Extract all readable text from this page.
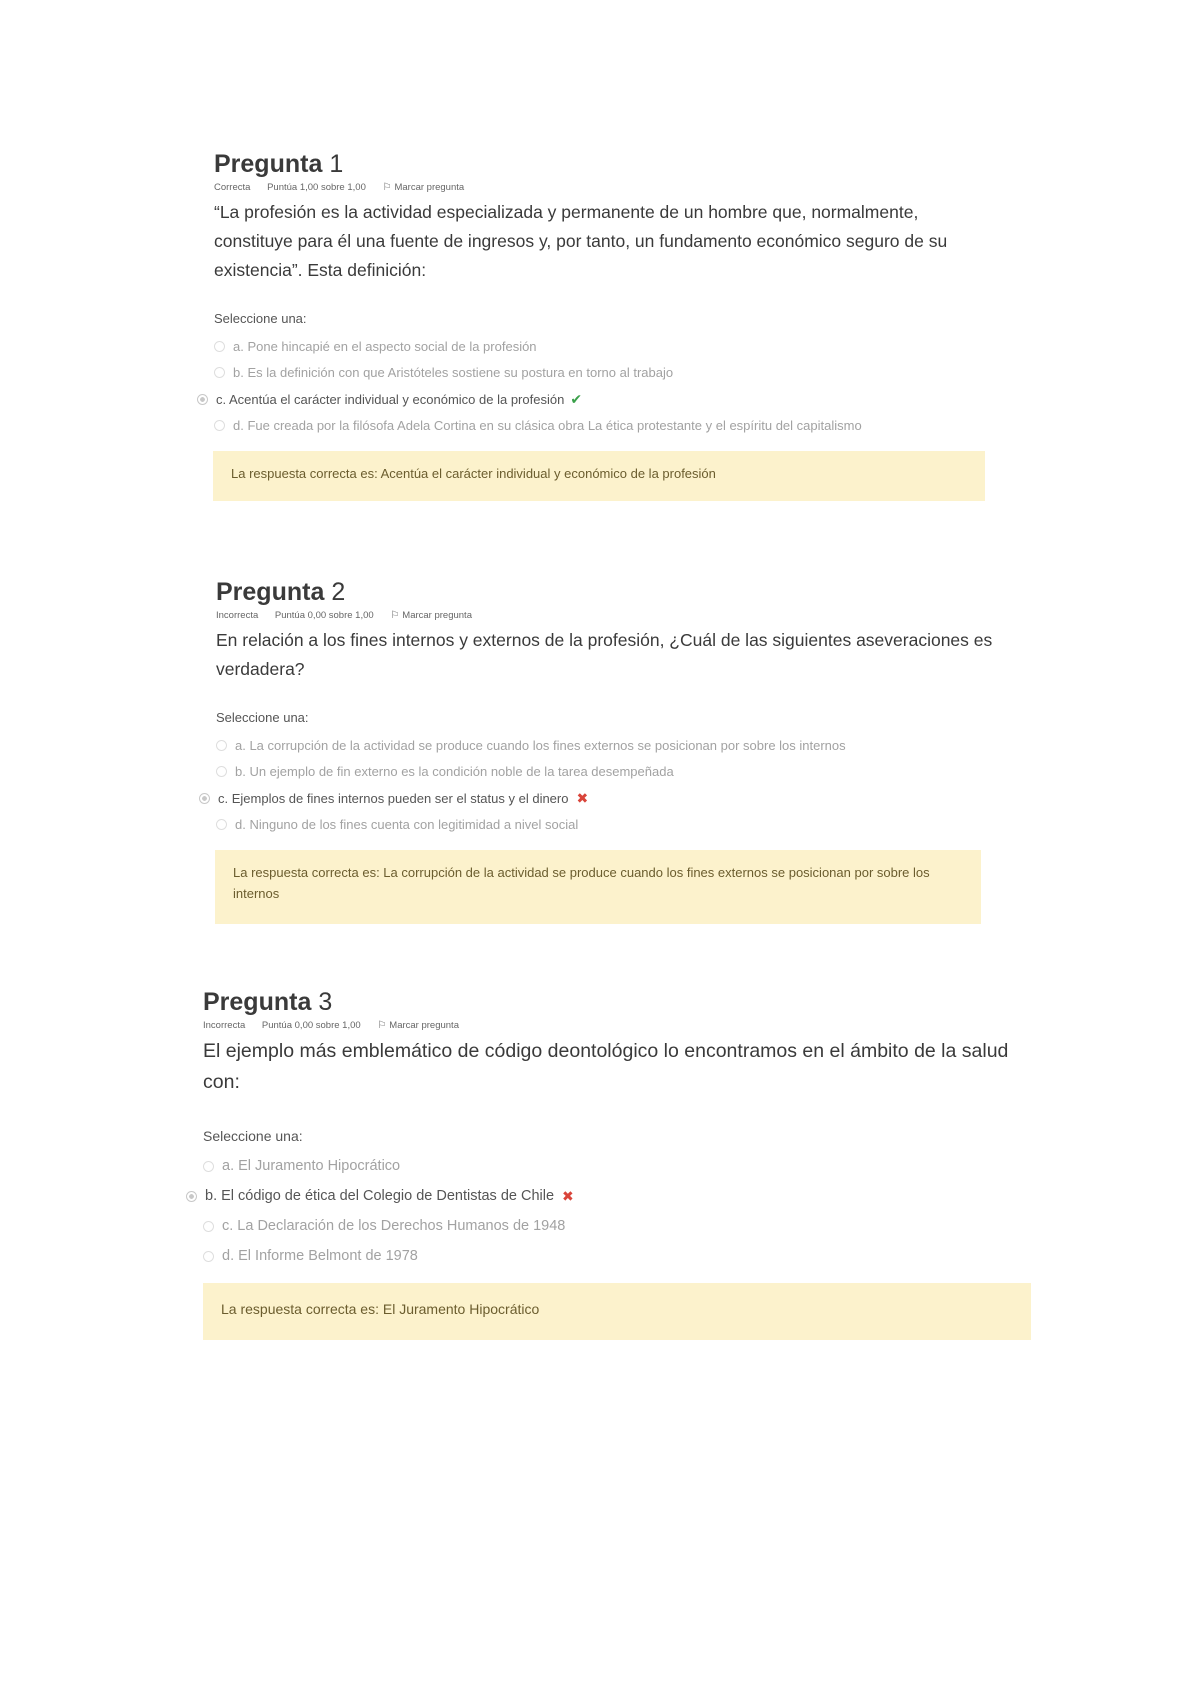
Pregunta 1
Correcta Puntúa 1,00 sobre 1,00 ⚐ Marcar pregunta
“La profesión es la actividad especializada y permanente de un hombre que, normalmente, constituye para él una fuente de ingresos y, por tanto, un fundamento económico seguro de su existencia”. Esta definición:
Seleccione una:
a. Pone hincapié en el aspecto social de la profesión
b. Es la definición con que Aristóteles sostiene su postura en torno al trabajo
c. Acentúa el carácter individual y económico de la profesión ✔
d. Fue creada por la filósofa Adela Cortina en su clásica obra La ética protestante y el espíritu del capitalismo
La respuesta correcta es: Acentúa el carácter individual y económico de la profesión
Pregunta 2
Incorrecta Puntúa 0,00 sobre 1,00 ⚐ Marcar pregunta
En relación a los fines internos y externos de la profesión, ¿Cuál de las siguientes aseveraciones es verdadera?
Seleccione una:
a. La corrupción de la actividad se produce cuando los fines externos se posicionan por sobre los internos
b. Un ejemplo de fin externo es la condición noble de la tarea desempeñada
c. Ejemplos de fines internos pueden ser el status y el dinero ✖
d. Ninguno de los fines cuenta con legitimidad a nivel social
La respuesta correcta es: La corrupción de la actividad se produce cuando los fines externos se posicionan por sobre los internos
Pregunta 3
Incorrecta Puntúa 0,00 sobre 1,00 ⚐ Marcar pregunta
El ejemplo más emblemático de código deontológico lo encontramos en el ámbito de la salud con:
Seleccione una:
a. El Juramento Hipocrático
b. El código de ética del Colegio de Dentistas de Chile ✖
c. La Declaración de los Derechos Humanos de 1948
d. El Informe Belmont de 1978
La respuesta correcta es: El Juramento Hipocrático
